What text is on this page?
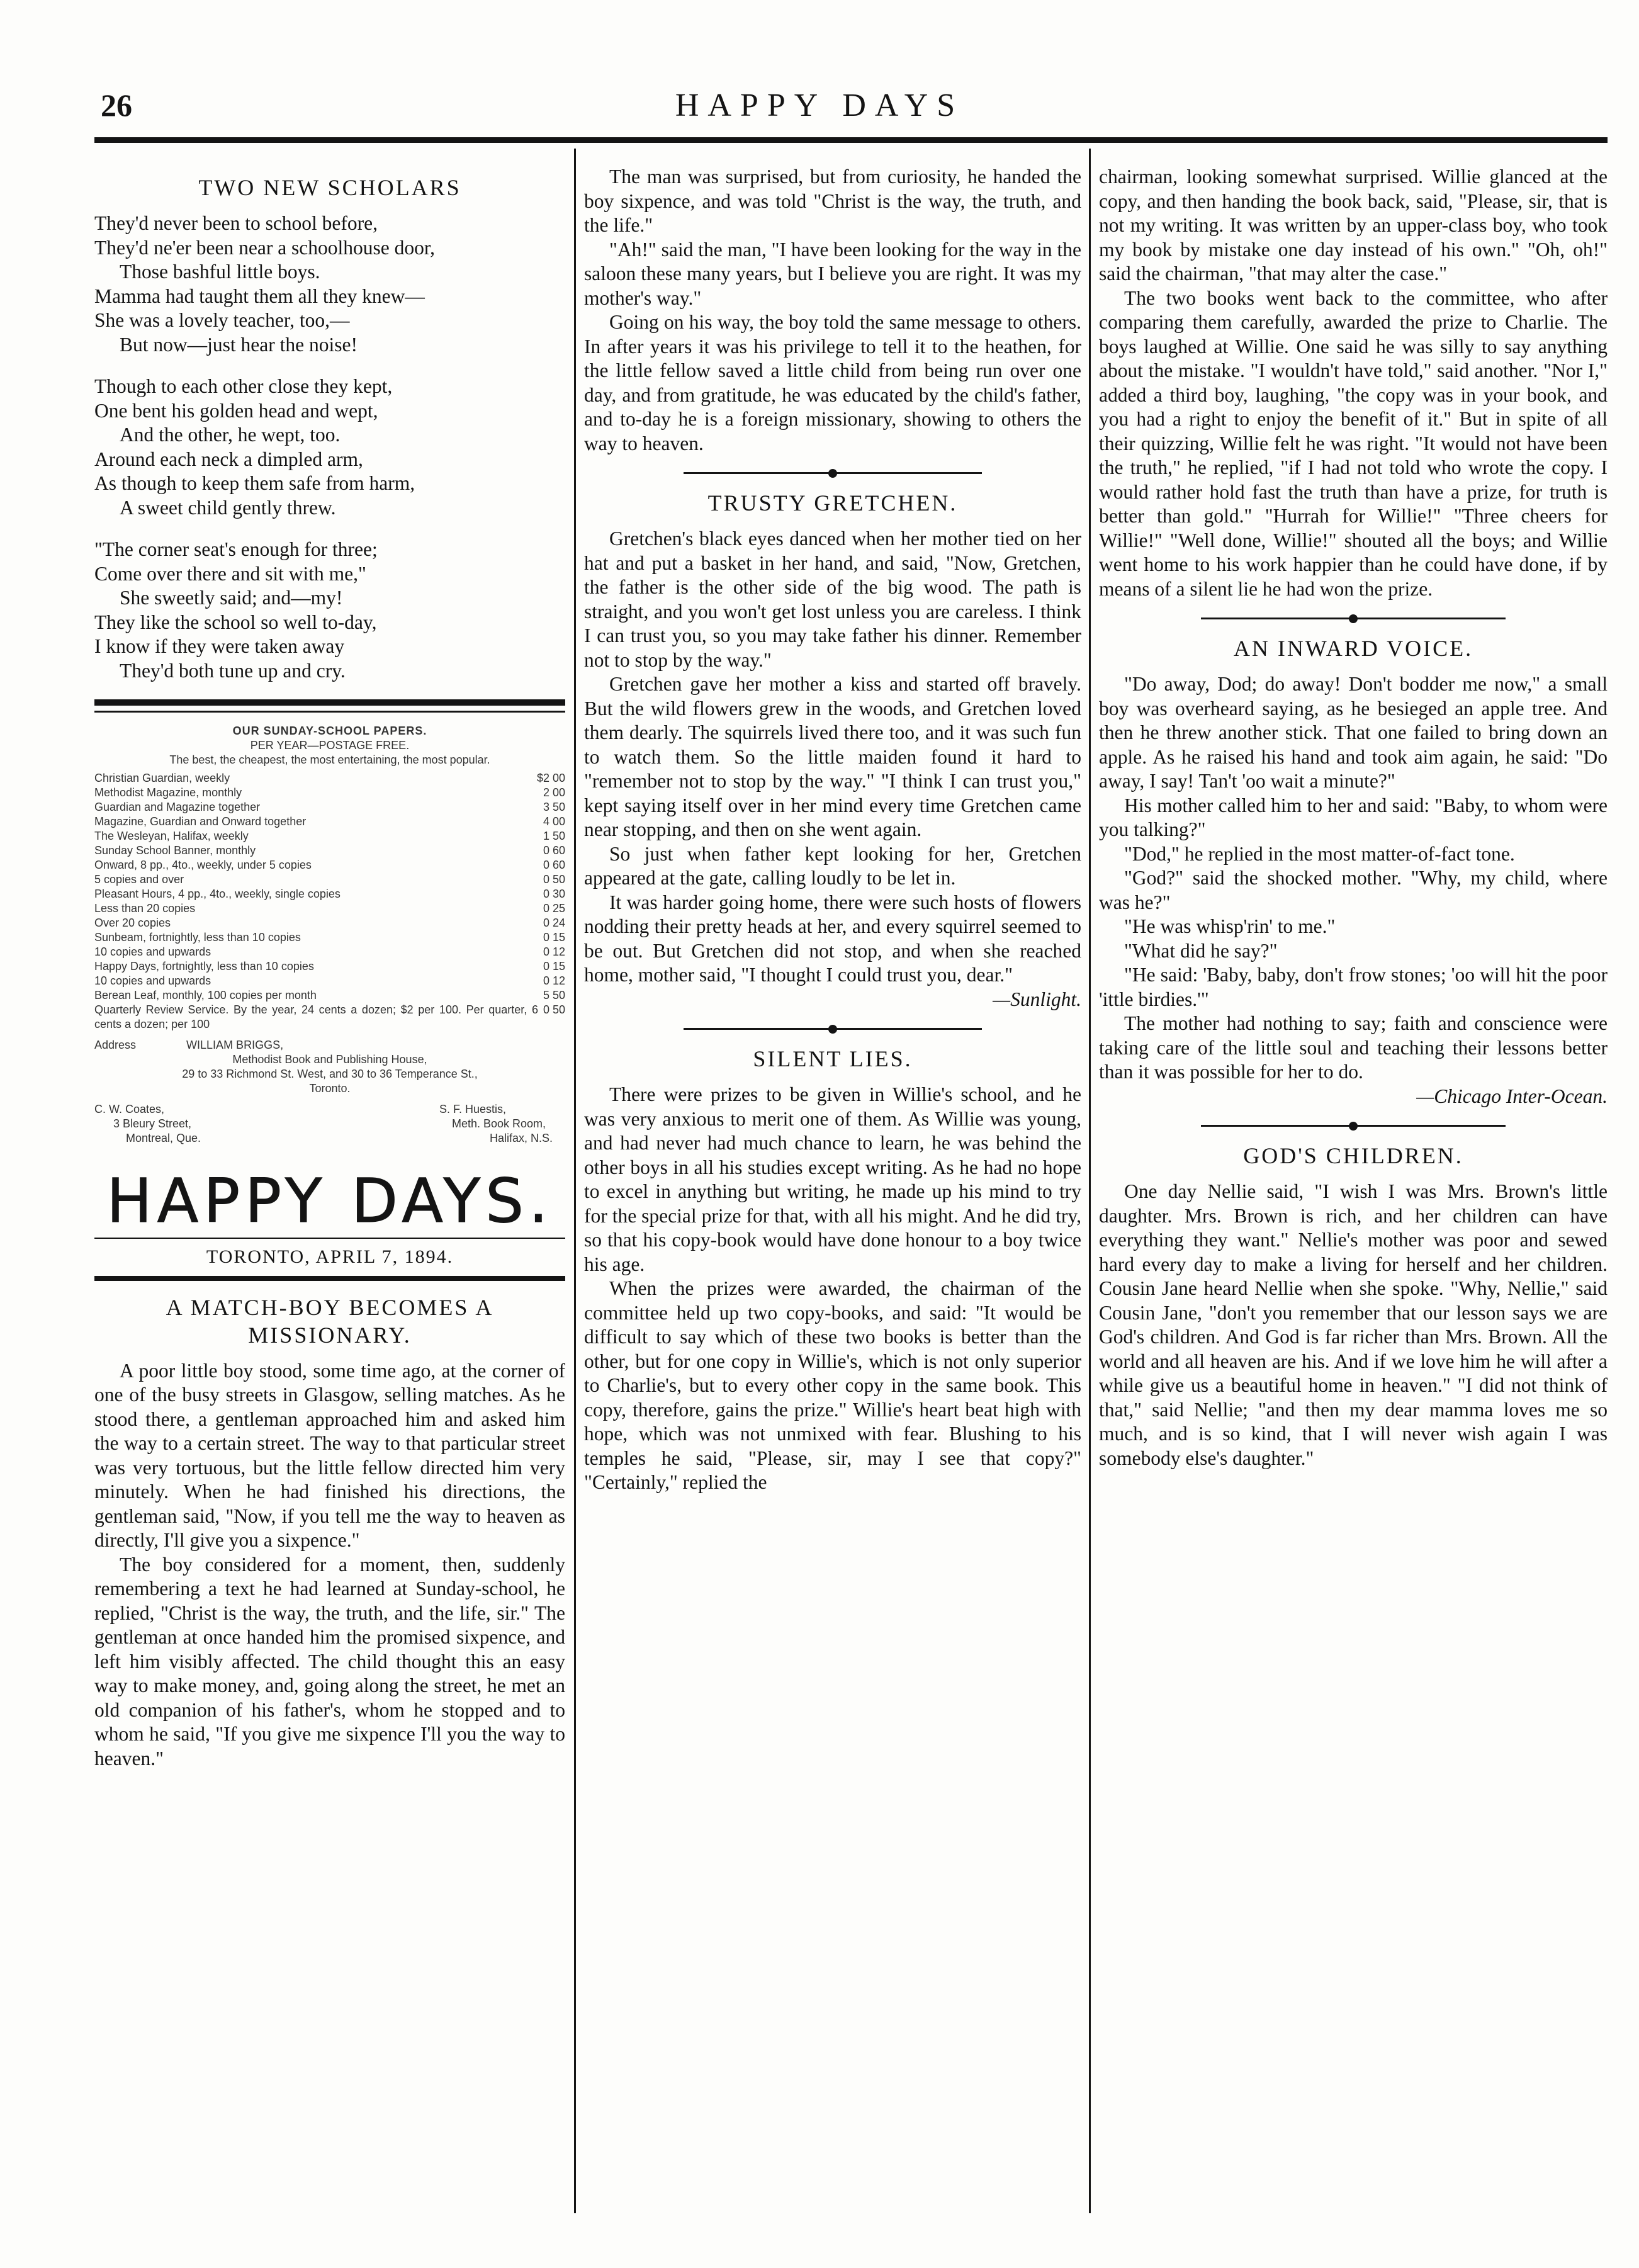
26	HAPPY DAYS
TWO NEW SCHOLARS
They'd never been to school before,
They'd ne'er been near a schoolhouse door,
Those bashful little boys.
Mamma had taught them all they knew—
She was a lovely teacher, too,—
But now—just hear the noise!
Though to each other close they kept,
One bent his golden head and wept,
And the other, he wept, too.
Around each neck a dimpled arm,
As though to keep them safe from harm,
A sweet child gently threw.
"The corner seat's enough for three;
Come over there and sit with me,"
She sweetly said; and—my!
They like the school so well to-day,
I know if they were taken away
They'd both tune up and cry.
OUR SUNDAY-SCHOOL PAPERS.
PER YEAR—POSTAGE FREE.
The best, the cheapest, the most entertaining, the most popular.
Christian Guardian, weekly	$2 00
Methodist Magazine, monthly	2 00
Guardian and Magazine together	3 50
Magazine, Guardian and Onward together	4 00
The Wesleyan, Halifax, weekly	1 50
Sunday School Banner, monthly	0 60
Onward, 8 pp., 4to., weekly, under 5 copies	0 60
5 copies and over	0 50
Pleasant Hours, 4 pp., 4to., weekly, single copies	0 30
Less than 20 copies	0 25
Over 20 copies	0 24
Sunbeam, fortnightly, less than 10 copies	0 15
10 copies and upwards	0 12
Happy Days, fortnightly, less than 10 copies	0 15
10 copies and upwards	0 12
Berean Leaf, monthly, 100 copies per month	5 50
Quarterly Review Service. By the year, 24 cents a dozen; $2 per 100. Per quarter, 6 cents a dozen; per 100
0 50
Address	WILLIAM BRIGGS,
Methodist Book and Publishing House,
29 to 33 Richmond St. West, and 30 to 36 Temperance St.,
Toronto.
C. W. Coates,
3 Bleury Street,
Montreal, Que.
S. F. Huestis,
Meth. Book Room,
Halifax, N.S.
HAPPY DAYS.
TORONTO, APRIL 7, 1894.
A MATCH-BOY BECOMES A MISSIONARY.

A poor little boy stood, some time ago, at the corner of one of the busy streets in Glasgow, selling matches. As he stood there, a gentleman approached him and asked him the way to a certain street. The way to that particular street was very tortuous, but the little fellow directed him very minutely. When he had finished his directions, the gentleman said, "Now, if you tell me the way to heaven as directly, I'll give you a sixpence."

The boy considered for a moment, then, suddenly remembering a text he had learned at Sunday-school, he replied, "Christ is the way, the truth, and the life, sir." The gentleman at once handed him the promised sixpence, and left him visibly affected. The child thought this an easy way to make money, and, going along the street, he met an old companion of his father's, whom he stopped and to whom he said, "If you give me sixpence I'll you the way to heaven."

The man was surprised, but from curiosity, he handed the boy sixpence, and was told "Christ is the way, the truth, and the life."

"Ah!" said the man, "I have been looking for the way in the saloon these many years, but I believe you are right. It was my mother's way."

Going on his way, the boy told the same message to others. In after years it was his privilege to tell it to the heathen, for the little fellow saved a little child from being run over one day, and from gratitude, he was educated by the child's father, and to-day he is a foreign missionary, showing to others the way to heaven.

TRUSTY GRETCHEN.

Gretchen's black eyes danced when her mother tied on her hat and put a basket in her hand, and said, "Now, Gretchen, the father is the other side of the big wood. The path is straight, and you won't get lost unless you are careless. I think I can trust you, so you may take father his dinner. Remember not to stop by the way."

Gretchen gave her mother a kiss and started off bravely. But the wild flowers grew in the woods, and Gretchen loved them dearly. The squirrels lived there too, and it was such fun to watch them. So the little maiden found it hard to "remember not to stop by the way." "I think I can trust you," kept saying itself over in her mind every time Gretchen came near stopping, and then on she went again.

So just when father kept looking for her, Gretchen appeared at the gate, calling loudly to be let in.

It was harder going home, there were such hosts of flowers nodding their pretty heads at her, and every squirrel seemed to be out. But Gretchen did not stop, and when she reached home, mother said, "I thought I could trust you, dear."

—Sunlight.
SILENT LIES.

There were prizes to be given in Willie's school, and he was very anxious to merit one of them. As Willie was young, and had never had much chance to learn, he was behind the other boys in all his studies except writing. As he had no hope to excel in anything but writing, he made up his mind to try for the special prize for that, with all his might. And he did try, so that his copy-book would have done honour to a boy twice his age.

When the prizes were awarded, the chairman of the committee held up two copy-books, and said: "It would be difficult to say which of these two books is better than the other, but for one copy in Willie's, which is not only superior to Charlie's, but to every other copy in the same book. This copy, therefore, gains the prize." Willie's heart beat high with hope, which was not unmixed with fear. Blushing to his temples he said, "Please, sir, may I see that copy?" "Certainly," replied the

chairman, looking somewhat surprised. Willie glanced at the copy, and then handing the book back, said, "Please, sir, that is not my writing. It was written by an upper-class boy, who took my book by mistake one day instead of his own." "Oh, oh!" said the chairman, "that may alter the case."

The two books went back to the committee, who after comparing them carefully, awarded the prize to Charlie. The boys laughed at Willie. One said he was silly to say anything about the mistake. "I wouldn't have told," said another. "Nor I," added a third boy, laughing, "the copy was in your book, and you had a right to enjoy the benefit of it." But in spite of all their quizzing, Willie felt he was right. "It would not have been the truth," he replied, "if I had not told who wrote the copy. I would rather hold fast the truth than have a prize, for truth is better than gold." "Hurrah for Willie!" "Three cheers for Willie!" "Well done, Willie!" shouted all the boys; and Willie went home to his work happier than he could have done, if by means of a silent lie he had won the prize.

AN INWARD VOICE.

"Do away, Dod; do away! Don't bodder me now," a small boy was overheard saying, as he besieged an apple tree. And then he threw another stick. That one failed to bring down an apple. As he raised his hand and took aim again, he said: "Do away, I say! Tan't 'oo wait a minute?"

His mother called him to her and said: "Baby, to whom were you talking?"

"Dod," he replied in the most matter-of-fact tone.

"God?" said the shocked mother. "Why, my child, where was he?"

"He was whisp'rin' to me."

"What did he say?"

"He said: 'Baby, baby, don't frow stones; 'oo will hit the poor 'ittle birdies.'"

The mother had nothing to say; faith and conscience were taking care of the little soul and teaching their lessons better than it was possible for her to do.

—Chicago Inter-Ocean.
GOD'S CHILDREN.

One day Nellie said, "I wish I was Mrs. Brown's little daughter. Mrs. Brown is rich, and her children can have everything they want." Nellie's mother was poor and sewed hard every day to make a living for herself and her children. Cousin Jane heard Nellie when she spoke. "Why, Nellie," said Cousin Jane, "don't you remember that our lesson says we are God's children. And God is far richer than Mrs. Brown. All the world and all heaven are his. And if we love him he will after a while give us a beautiful home in heaven." "I did not think of that," said Nellie; "and then my dear mamma loves me so much, and is so kind, that I will never wish again I was somebody else's daughter."
